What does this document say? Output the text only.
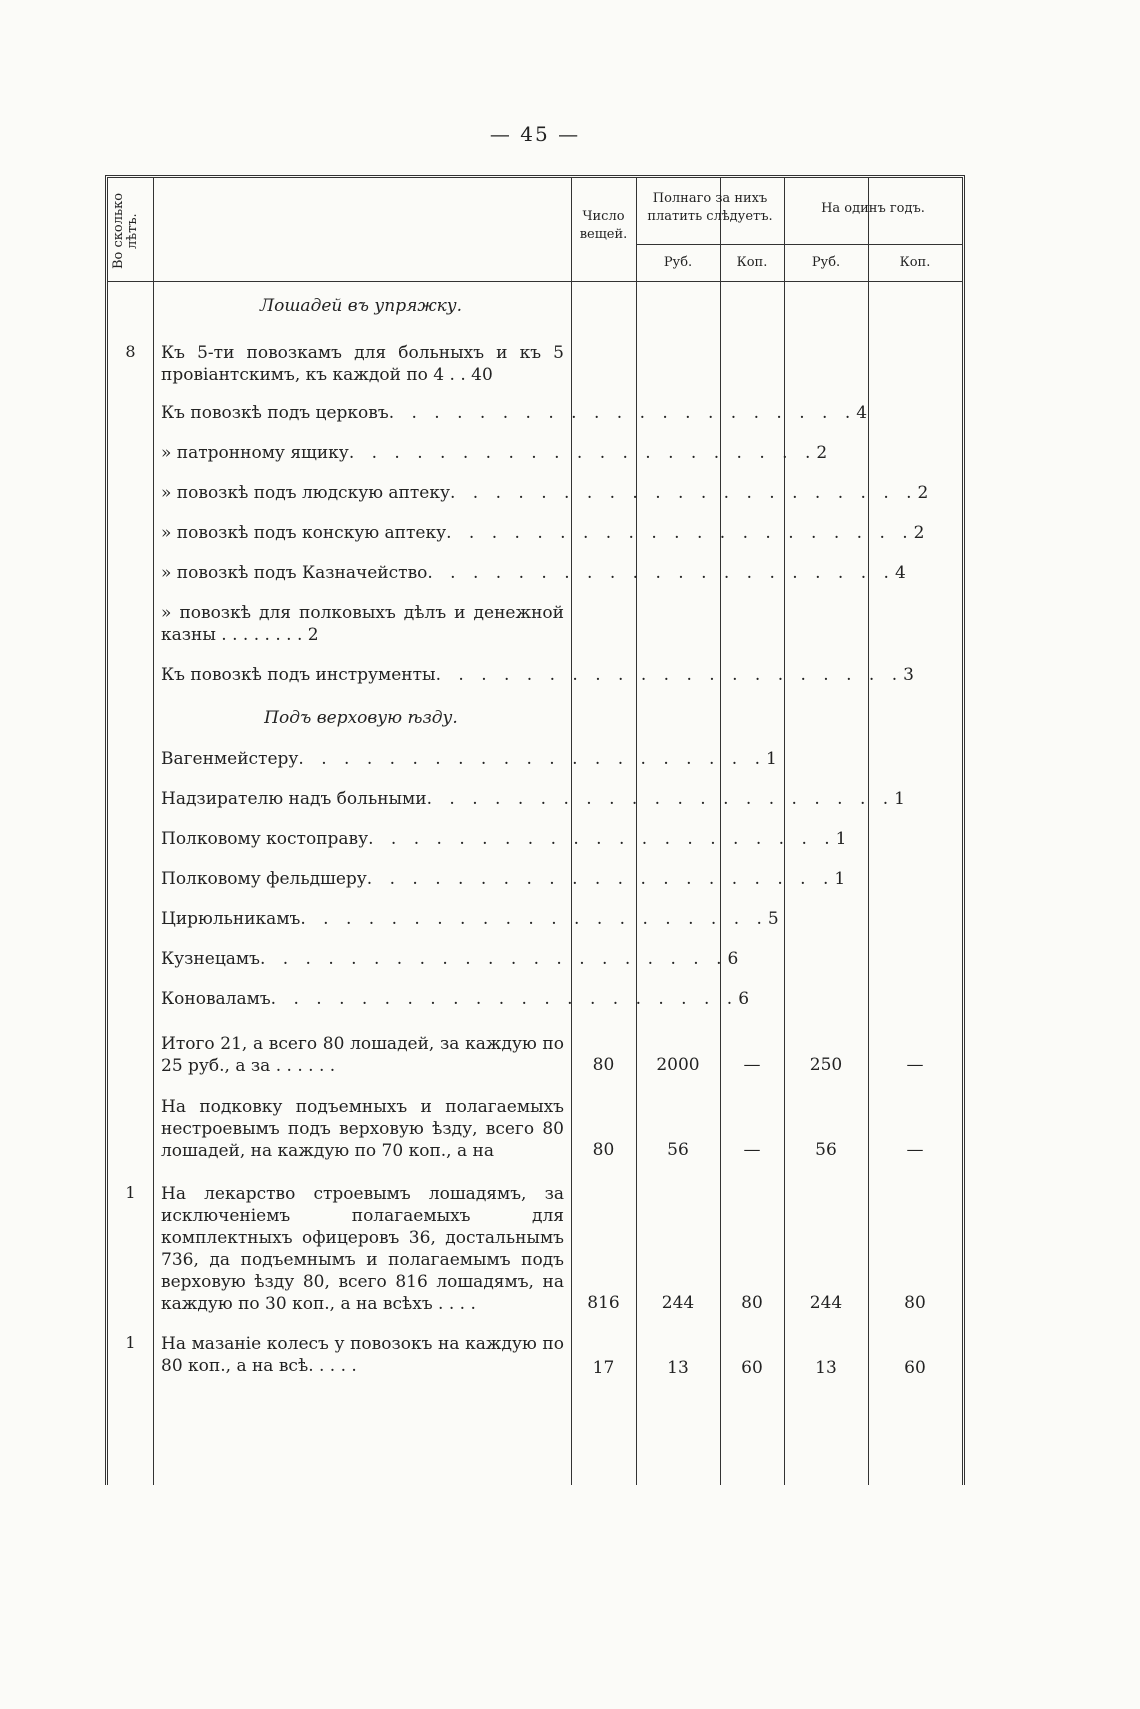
— 45 —
Во сколько лѣтъ.	Число вещей.
Полнаго за нихъ платить слѣдуетъ.
На одинъ годъ.
Руб.	Коп.	Руб.	Коп.
Лошадей въ упряжку.
8	Къ 5-ти повозкамъ для больныхъ и къ 5 провіантскимъ, къ каждой по 4 . . 40
Къ повозкѣ подъ церковъ . . . . . . . . . . . . . . . . . . . . . 4
» патронному ящику . . . . . . . . . . . . . . . . . . . . . 2
» повозкѣ подъ людскую аптеку . . . . . . . . . . . . . . . . . . . . . 2
» повозкѣ подъ конскую аптеку . . . . . . . . . . . . . . . . . . . . . 2
» повозкѣ подъ Казначейство . . . . . . . . . . . . . . . . . . . . . 4
» повозкѣ для полковыхъ дѣлъ и денежной казны . . . . . . . . 2
Къ повозкѣ подъ инструменты . . . . . . . . . . . . . . . . . . . . . 3
Подъ верховую ѣзду.
Вагенмейстеру . . . . . . . . . . . . . . . . . . . . . 1
Надзирателю надъ больными . . . . . . . . . . . . . . . . . . . . . 1
Полковому костоправу . . . . . . . . . . . . . . . . . . . . . 1
Полковому фельдшеру . . . . . . . . . . . . . . . . . . . . . 1
Цирюльникамъ . . . . . . . . . . . . . . . . . . . . . 5
Кузнецамъ . . . . . . . . . . . . . . . . . . . . . 6
Коноваламъ . . . . . . . . . . . . . . . . . . . . . 6
Итого 21, а всего 80 лошадей, за каждую по 25 руб., а за . . . . . .	80	2000	—	250	—
На подковку подъемныхъ и полагаемыхъ нестроевымъ подъ верховую ѣзду, всего 80 лошадей, на каждую по 70 коп., а на	80	56	—	56	—
1	На лекарство строевымъ лошадямъ, за исключеніемъ полагаемыхъ для комплектныхъ офицеровъ 36, достальнымъ 736, да подъемнымъ и полагаемымъ подъ верховую ѣзду 80, всего 816 лошадямъ, на каждую по 30 коп., а на всѣхъ . . . .	816	244	80	244	80
1	На мазаніе колесъ у повозокъ на каждую по 80 коп., а на всѣ. . . . .	17	13	60	13	60
